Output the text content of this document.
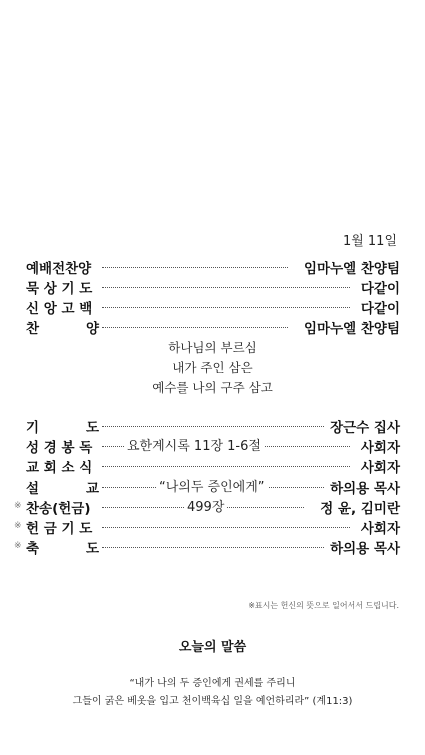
1월 11일
예배전찬양	임마누엘 찬양팀
묵 상 기 도	다같이
신 앙 고 백	다같이
찬          양	임마누엘 찬양팀
하나님의 부르심
내가 주인 삼은
예수를 나의 구주 삼고
기          도	장근수 집사
성 경 봉 독	요한계시록 11장 1-6절	사회자
교 회 소 식	사회자
설          교	“나의두 증인에게”	하의용 목사
※ 찬송(헌금)	499장	정 윤, 김미란
※ 헌 금 기 도	사회자
※ 축          도	하의용 목사
※표시는 헌신의 뜻으로 일어서서 드립니다.
오늘의 말씀
“내가 나의 두 증인에게 권세를 주리니
그들이 굵은 베옷을 입고 천이백육십 일을 예언하리라” (계11:3)
